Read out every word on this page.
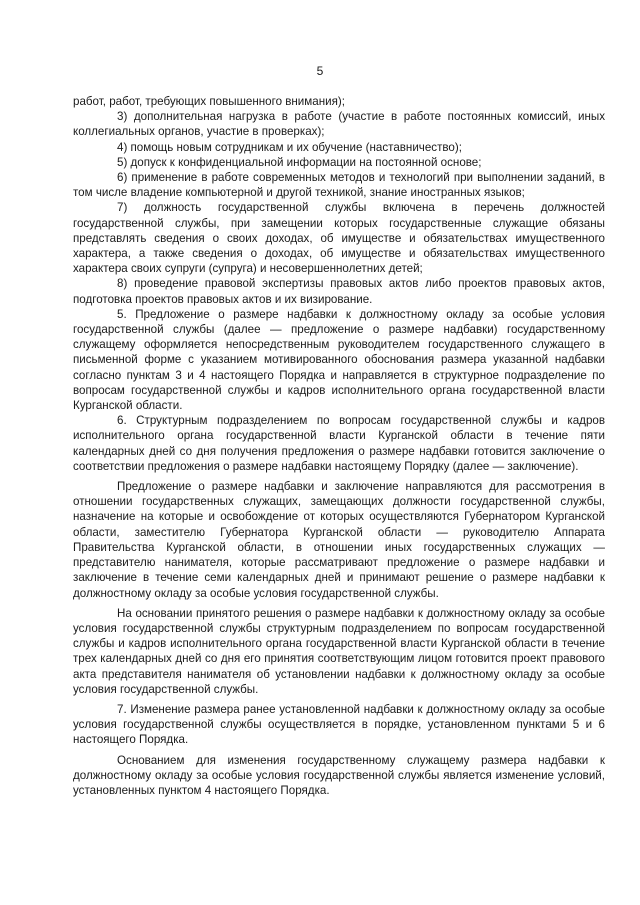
5

работ, работ, требующих повышенного внимания);

3) дополнительная нагрузка в работе (участие в работе постоянных комиссий, иных коллегиальных органов, участие в проверках);

4) помощь новым сотрудникам и их обучение (наставничество);

5) допуск к конфиденциальной информации на постоянной основе;

6) применение в работе современных методов и технологий при выполнении заданий, в том числе владение компьютерной и другой техникой, знание иностранных языков;

7) должность государственной службы включена в перечень должностей государственной службы, при замещении которых государственные служащие обязаны представлять сведения о своих доходах, об имуществе и обязательствах имущественного характера, а также сведения о доходах, об имуществе и обязательствах имущественного характера своих супруги (супруга) и несовершеннолетних детей;

8) проведение правовой экспертизы правовых актов либо проектов правовых актов, подготовка проектов правовых актов и их визирование.

5. Предложение о размере надбавки к должностному окладу за особые условия государственной службы (далее — предложение о размере надбавки) государственному служащему оформляется непосредственным руководителем государственного служащего в письменной форме с указанием мотивированного обоснования размера указанной надбавки согласно пунктам 3 и 4 настоящего Порядка и направляется в структурное подразделение по вопросам государственной службы и кадров исполнительного органа государственной власти Курганской области.

6. Структурным подразделением по вопросам государственной службы и кадров исполнительного органа государственной власти Курганской области в течение пяти календарных дней со дня получения предложения о размере надбавки готовится заключение о соответствии предложения о размере надбавки настоящему Порядку (далее — заключение).

Предложение о размере надбавки и заключение направляются для рассмотрения в отношении государственных служащих, замещающих должности государственной службы, назначение на которые и освобождение от которых осуществляются Губернатором Курганской области, заместителю Губернатора Курганской области — руководителю Аппарата Правительства Курганской области, в отношении иных государственных служащих — представителю нанимателя, которые рассматривают предложение о размере надбавки и заключение в течение семи календарных дней и принимают решение о размере надбавки к должностному окладу за особые условия государственной службы.

На основании принятого решения о размере надбавки к должностному окладу за особые условия государственной службы структурным подразделением по вопросам государственной службы и кадров исполнительного органа государственной власти Курганской области в течение трех календарных дней со дня его принятия соответствующим лицом готовится проект правового акта представителя нанимателя об установлении надбавки к должностному окладу за особые условия государственной службы.

7. Изменение размера ранее установленной надбавки к должностному окладу за особые условия государственной службы осуществляется в порядке, установленном пунктами 5 и 6 настоящего Порядка.

Основанием для изменения государственному служащему размера надбавки к должностному окладу за особые условия государственной службы является изменение условий, установленных пунктом 4 настоящего Порядка.
